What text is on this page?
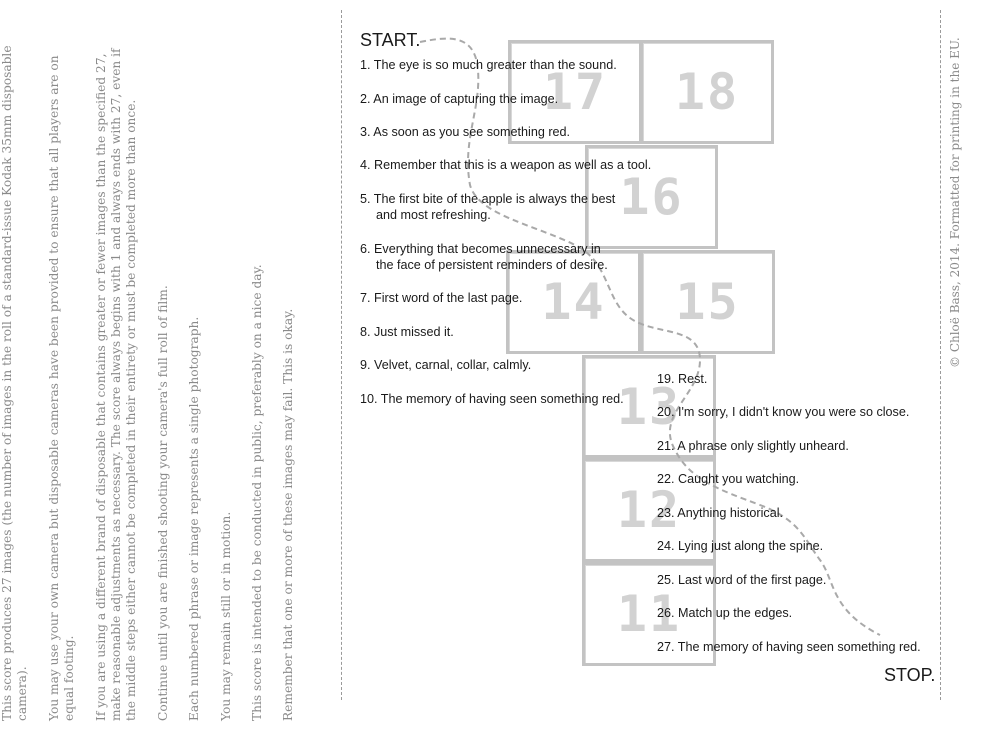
This score produces 27 images (the number of images in the roll of a standard-issue Kodak 35mm disposable camera). You may use your own camera but disposable cameras have been provided to ensure that all players are on equal footing. If you are using a different brand of disposable that contains greater or fewer images than the specified 27, make reasonable adjustments as necessary. The score always begins with 1 and always ends with 27, even if the middle steps either cannot be completed in their entirety or must be completed more than once. Continue until you are finished shooting your camera's full roll of film. Each numbered phrase or image represents a single photograph. You may remain still or in motion. This score is intended to be conducted in public, preferably on a nice day. Remember that one or more of these images may fail. This is okay.

© Chloë Bass, 2014. Formatted for printing in the EU.
17	18
16
14	15
13
12
11
START.
STOP.
1. The eye is so much greater than the sound.
2. An image of capturing the image.
3. As soon as you see something red.
4. Remember that this is a weapon as well as a tool.
5. The first bite of the apple is always the best
and most refreshing.
6. Everything that becomes unnecessary in
the face of persistent reminders of desire.
7. First word of the last page.
8. Just missed it.
9. Velvet, carnal, collar, calmly.
10. The memory of having seen something red.
19. Rest.
20. I'm sorry, I didn't know you were so close.
21. A phrase only slightly unheard.
22. Caught you watching.
23. Anything historical.
24. Lying just along the spine.
25. Last word of the first page.
26. Match up the edges.
27. The memory of having seen something red.
